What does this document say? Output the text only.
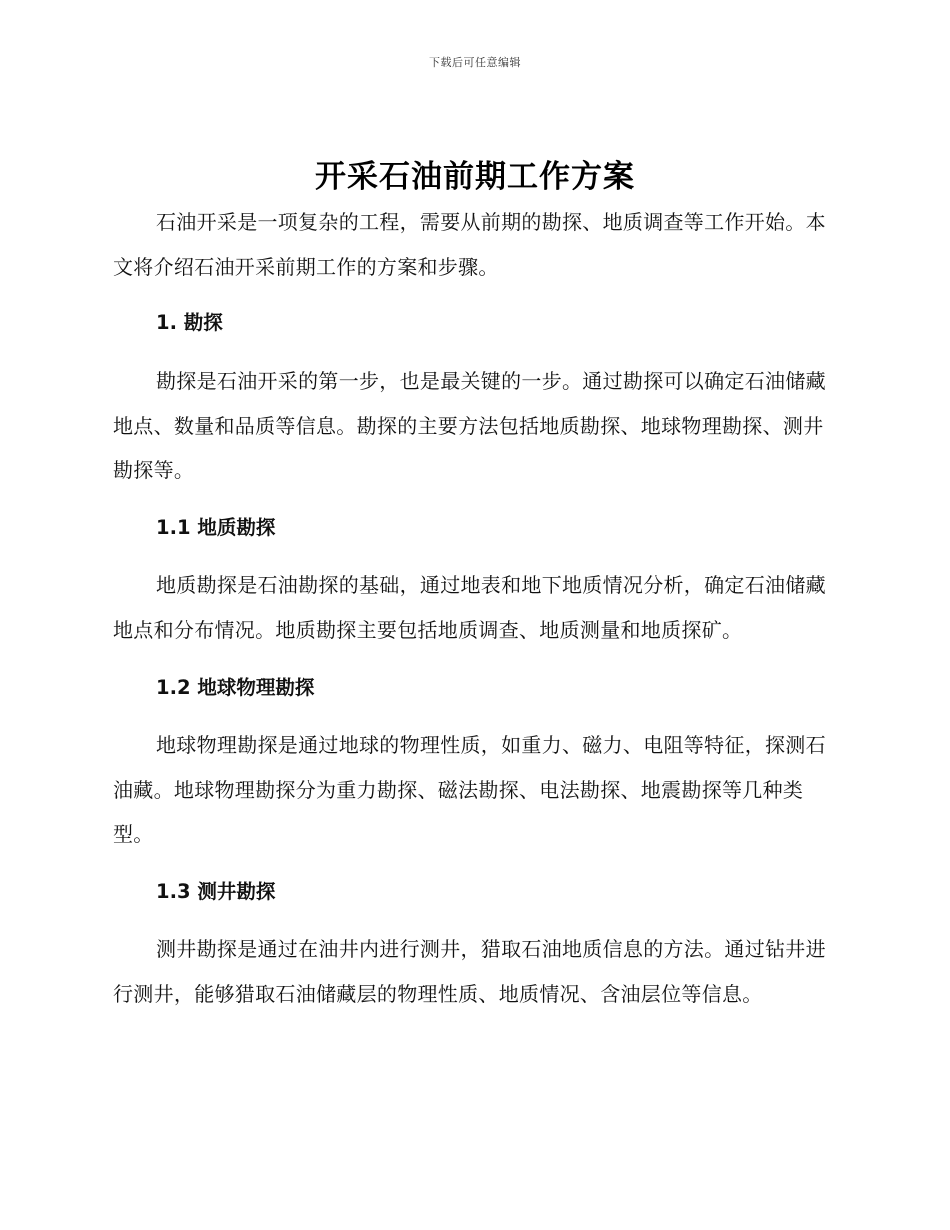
下载后可任意编辑
开采石油前期工作方案

石油开采是一项复杂的工程，需要从前期的勘探、地质调查等工作开始。本文将介绍石油开采前期工作的方案和步骤。

1. 勘探

勘探是石油开采的第一步，也是最关键的一步。通过勘探可以确定石油储藏地点、数量和品质等信息。勘探的主要方法包括地质勘探、地球物理勘探、测井勘探等。

1.1 地质勘探

地质勘探是石油勘探的基础，通过地表和地下地质情况分析，确定石油储藏地点和分布情况。地质勘探主要包括地质调查、地质测量和地质探矿。

1.2 地球物理勘探

地球物理勘探是通过地球的物理性质，如重力、磁力、电阻等特征，探测石油藏。地球物理勘探分为重力勘探、磁法勘探、电法勘探、地震勘探等几种类型。

1.3 测井勘探

测井勘探是通过在油井内进行测井，猎取石油地质信息的方法。通过钻井进行测井，能够猎取石油储藏层的物理性质、地质情况、含油层位等信息。
